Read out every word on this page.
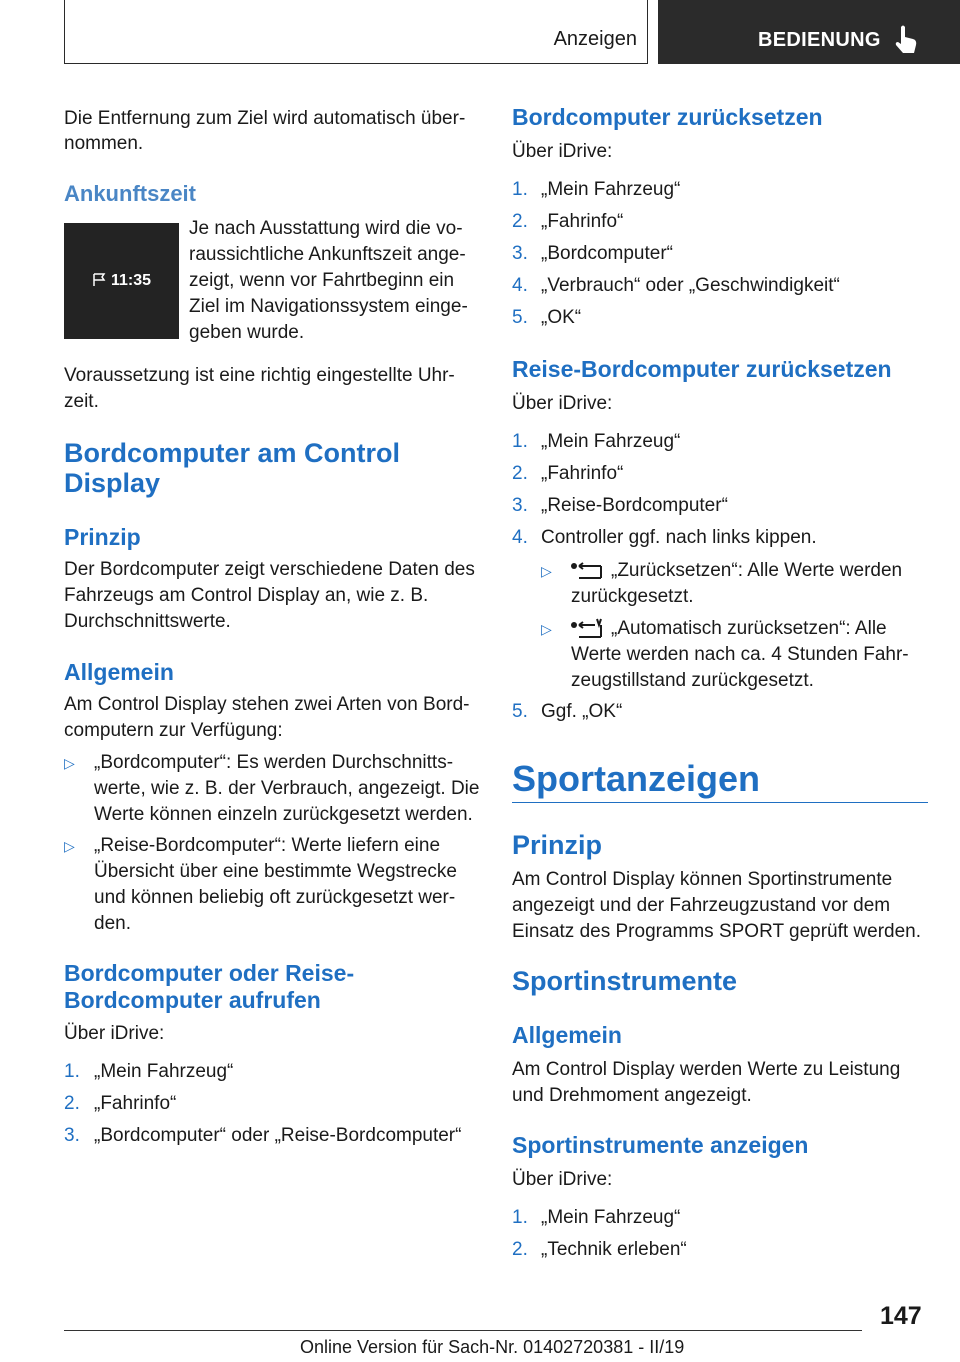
Anzeigen	BEDIENUNG
Die Entfernung zum Ziel wird automatisch über-
nommen.
Ankunftszeit
11:35
Je nach Ausstattung wird die vo-
raussichtliche Ankunftszeit ange-
zeigt, wenn vor Fahrtbeginn ein
Ziel im Navigationssystem einge-
geben wurde.
Voraussetzung ist eine richtig eingestellte Uhr-
zeit.
Bordcomputer am Control
Display
Prinzip
Der Bordcomputer zeigt verschiedene Daten des
Fahrzeugs am Control Display an, wie z. B.
Durchschnittswerte.
Allgemein
Am Control Display stehen zwei Arten von Bord-
computern zur Verfügung:
▷ „Bordcomputer“: Es werden Durchschnitts-
werte, wie z. B. der Verbrauch, angezeigt. Die
Werte können einzeln zurückgesetzt werden.
▷ „Reise-Bordcomputer“: Werte liefern eine
Übersicht über eine bestimmte Wegstrecke
und können beliebig oft zurückgesetzt wer-
den.
Bordcomputer oder Reise-
Bordcomputer aufrufen
Über iDrive:
1. „Mein Fahrzeug“
2. „Fahrinfo“
3. „Bordcomputer“ oder „Reise-Bordcomputer“
Bordcomputer zurücksetzen
Über iDrive:
1. „Mein Fahrzeug“
2. „Fahrinfo“
3. „Bordcomputer“
4. „Verbrauch“ oder „Geschwindigkeit“
5. „OK“
Reise-Bordcomputer zurücksetzen
Über iDrive:
1. „Mein Fahrzeug“
2. „Fahrinfo“
3. „Reise-Bordcomputer“
4. Controller ggf. nach links kippen.
▷	„Zurücksetzen“: Alle Werte werden
zurückgesetzt.
▷	„Automatisch zurücksetzen“: Alle
Werte werden nach ca. 4 Stunden Fahr-
zeugstillstand zurückgesetzt.
5. Ggf. „OK“
Sportanzeigen
Prinzip
Am Control Display können Sportinstrumente
angezeigt und der Fahrzeugzustand vor dem
Einsatz des Programms SPORT geprüft werden.
Sportinstrumente
Allgemein
Am Control Display werden Werte zu Leistung
und Drehmoment angezeigt.
Sportinstrumente anzeigen
Über iDrive:
1. „Mein Fahrzeug“
2. „Technik erleben“
147
Online Version für Sach-Nr. 01402720381 - II/19
